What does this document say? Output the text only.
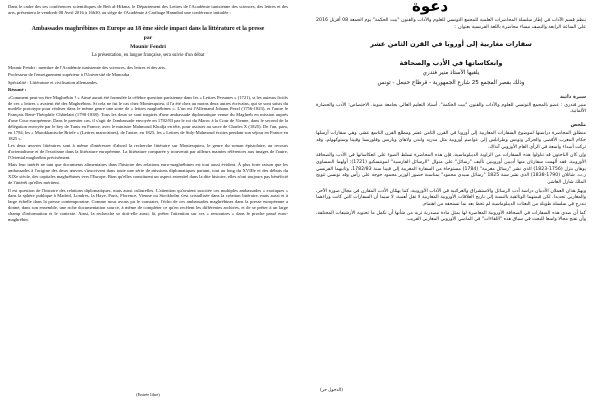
Dans le cadre des ses conférences scientifiques de Beït al-Hikma, le Département des Lettres de l'Académie tunisienne des sciences, des lettres et des arts, présentera le vendredi 08 Avril 2016 à 16h30, au siège de l'Académie à Carthage Hannibal une conférence intitulée :

Ambassades maghrébines en Europe au 18 ème siècle impact dans la littérature et la presse

par

Mounir Fendri

La présentation, en langue française, sera suivie d'un débat

Mounir Fendri : membre de l'Académie tunisienne des sciences, des lettres et des arts.

Professeur de l'enseignement supérieur à l'Université de Manouba .

Spécialité : Littérature et civilisation allemandes.

Résumé :

«Comment peut-on être Maghrébin ? » Aimé aurait été formulée la célèbre question parisienne dans les « Lettres Persanes » (1721), si les auteurs fictifs de ces « lettres » avaient été des Maghrébins. Si cela ne fut le cas chez Montesquieu, il l'a été chez au moins deux autres écrivains, qui se sont saisis du modèle prototype pour réaliser dans le même genre une sorte de « lettres maghrébines ». L'un est l'Allemand Johann Pezzl (1756-1823), et l'autre le Français René-Théophile Châtelain (1790-1838). Tous les deux se sont inspirés d'une ambassade diplomatique venue du Maghreb en mission auprès d'une Cour européenne. Dans le premier cas, il s'agit de l'ambassade envoyée en 1782/83 par le roi du Maroc à la Cour de Vienne, dans le second de la délégation envoyée par le bey de Tunis en France, avec le ministre Mahmoud Khodja en tête, pour assister au sacre de Charles X (1825). De l'un, paru, en 1784, les « Marokkanische Briefe » (Lettres marocaines), de l'autre, en 1825, les « Lettres de Sidy-Mahmoud écrites pendant son séjour en France en 1825 ».

Les deux œuvres littéraires sont à même d'intéresser d'abord la recherche littéraire sur Montesquieu, le genre du roman épistolaire, au recours d'orientalisme et de l'exotisme dans la littérature européenne. La littérature comparée y trouverait par ailleurs maintes références aux images de l'autre, l'Oriental maghrébin précisément.

Mais leur intérêt ne tant que documents alimentaires dans l'histoire des relations euro-maghrébines est tout aussi évident. À plus forte raison que les ambassades à l'origine des deux œuvres s'inscrivent dans toute une série de missions diplomatiques partant, tout au long du XVIIIe et des débuts du XIXe siècle, des capitales maghrébines vers l'Europe. Bien qu'elles constituent un aspect essentiel dans la dite histoire, elles n'ont toujours pas bénéficié de l'intérêt qu'elles méritent.

Il est question de l'histoire des relations diplomatiques, mais aussi culturelles. L'attention qu'avaient suscitée ces multiples ambassades « exotiques » dans la sphère publique à Madrid, Londres, la Haye, Paris, Florence, Vienne ou Stockholm s'est cristallisée dans la création littéraire, mais aussi et à large échelle dans la presse contemporaine. Comme nous avons pu le constater, l'écho de ces ambassades maghrébines dans la presse européenne a donné, dans son ensemble, une riche documentation source, à même de compléter ce qu'en recèlent les différentes archives, et de se prêter à un large champ d'information et le contexte. Ainsi, la recherche se doit-elle aussi, là, prêter l'attention sur ces « rencontres » dans le proche passé euro-maghrébin.

(Entrée libre)
دعوة

ينظم قسم الآداب في إطار سلسلة المحاضرات العلمية للمجمع التونسي للعلوم والآداب والفنون "بيت الحكمة" يوم الجمعة 08 أفريل 2016 على الساعة الرابعة والنصف مساء محاضرة باللغة الفرنسية بعنوان :

سفارات مغاربية إلى أوروبا في القرن الثامن عشر

وانعكاساتها في الأدب والصحافة

يلقيها الأستاذ منير فندري

وذلك بقصر المجمع 25 شارع الجمهورية - قرطاج حنبعل - تونس

سيرة ذاتية

منير فندري : عضو بالمجمع التونسي للعلوم والآداب والفنون "بيت الحكمة". أستاذ التعليم العالي بجامعة منوبة. الاختصاص: الأدب والحضارة الألمانية.

ملخص

منطلق المحاضرة دراستها لموضوع السفارات المغاربية إلى أوروبا في القرن الثامن عشر ومطلع القرن التاسع عشر، وهي سفارات أرسلها حكام المغرب الأقصى والجزائر وتونس وطرابلس إلى عواصم أوروبية مثل مدريد ولندن ولاهاي وباريس وفلورنسا وفيينا وستوكهولم، وقد تركت أصداء واسعة في الرأي العام الأوروبي آنذاك.

وإن كان الباحثون قد تناولوا هذه السفارات من الزاوية الديبلوماسية، فإن هذه المحاضرة تسلط الضوء على انعكاساتها في الأدب والصحافة الأوروبية. فقد ألهمت سفارتان منها أديبين أوروبيين تأليف "رسائل" على منوال "الرسائل الفارسية" لمونتسكيو (1721): أولهما النمساوي يوهان بتزل (1756-1823) الذي نشر "رسائل مغربية" (1784) مستوحاة من السفارة المغربية إلى فيينا سنة 1782/83، وثانيهما الفرنسي ر.ت. شاتلان (1790-1838) الذي نشر سنة 1825 "رسائل سيدي محمود" بمناسبة حضور الوزير محمود خوجة على رأس وفد تونسي تتويج الملك شارل العاشر.

ويهمّ هذان العملان الأدبيان دراسة أدب الرسائل والاستشراق والغرائبية في الآداب الأوروبية، كما يهمّان الأدب المقارن في مجال صورة الآخر، والمغاربي تحديدا. لكن قيمتهما الوثائقية بالنسبة إلى تاريخ العلاقات الأوروبية المغاربية لا تقل أهمية، لا سيما أن السفارات التي كانت وراءهما تندرج في سلسلة طويلة من البعثات الديبلوماسية لم تحظ بعد بما تستحقه من اهتمام.

كما أن صدى هذه السفارات في الصحافة الأوروبية المعاصرة لها يمثل مادة مصدرية ثرية من شأنها أن تكمل ما تحتويه الأرشيفات المختلفة، وأن تفتح مجالا واسعا للبحث في سياق هذه "اللقاءات" في الماضي الأوروبي المغاربي القريب.

(الدخول حر)
